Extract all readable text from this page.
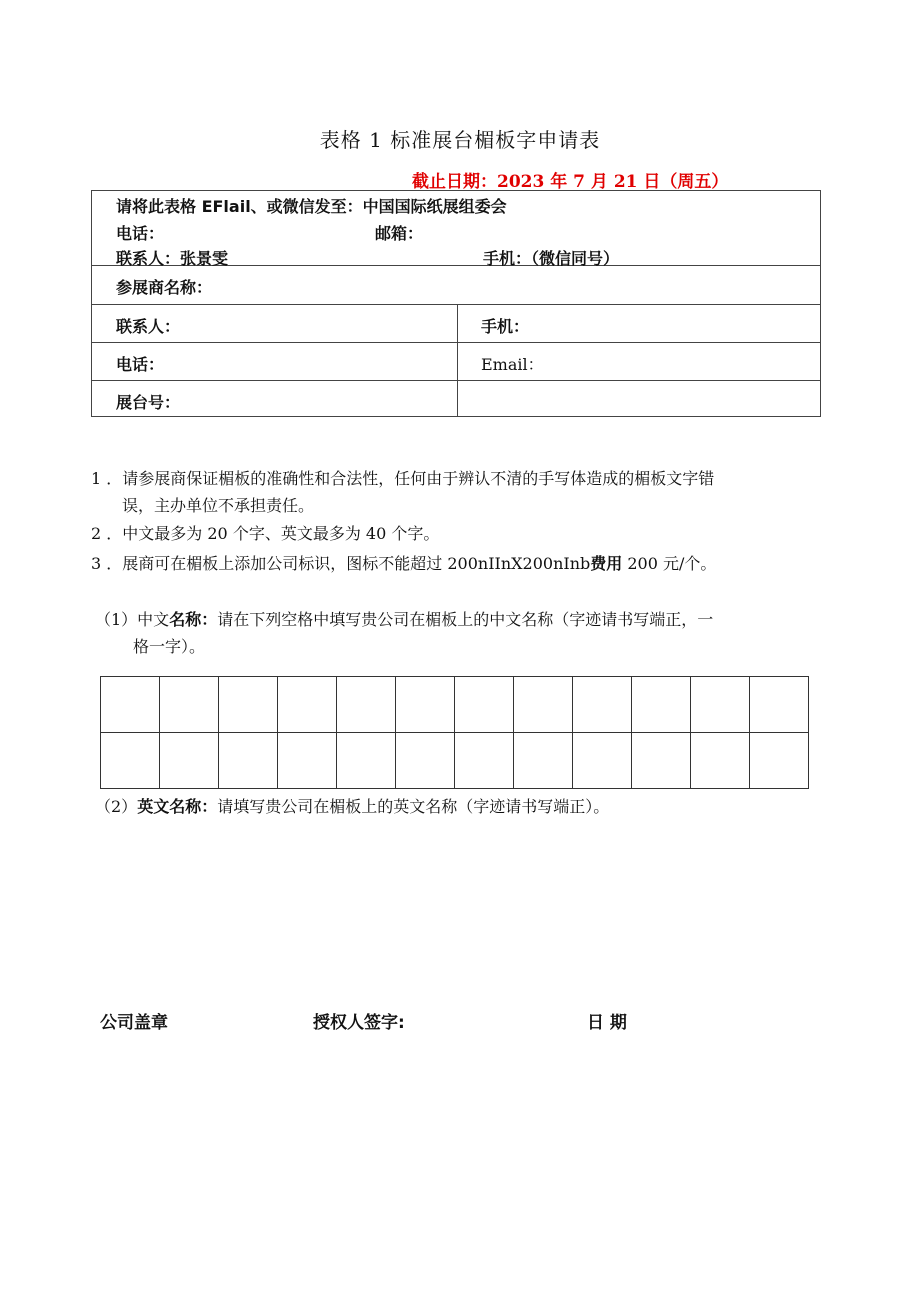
表格 1 标准展台楣板字申请表
截止日期：2023 年 7 月 21 日（周五）
请将此表格 EFlail、或微信发至：中国国际纸展组委会
电话：	邮箱：
联系人：张景雯	手机：（微信同号）
参展商名称：
联系人：	手机：
电话：	Email：
展台号：
1 ．请参展商保证楣板的准确性和合法性，任何由于辨认不清的手写体造成的楣板文字错
误，主办单位不承担责任。
2 ．中文最多为 20 个字、英文最多为 40 个字。
3 ．展商可在楣板上添加公司标识，图标不能超过 200nIInX200nInb费用 200 元/个。
（1）中文名称：请在下列空格中填写贵公司在楣板上的中文名称（字迹请书写端正，一
格一字）。

（2）英文名称：请填写贵公司在楣板上的英文名称（字迹请书写端正）。
公司盖章	授权人签字:	日 期
